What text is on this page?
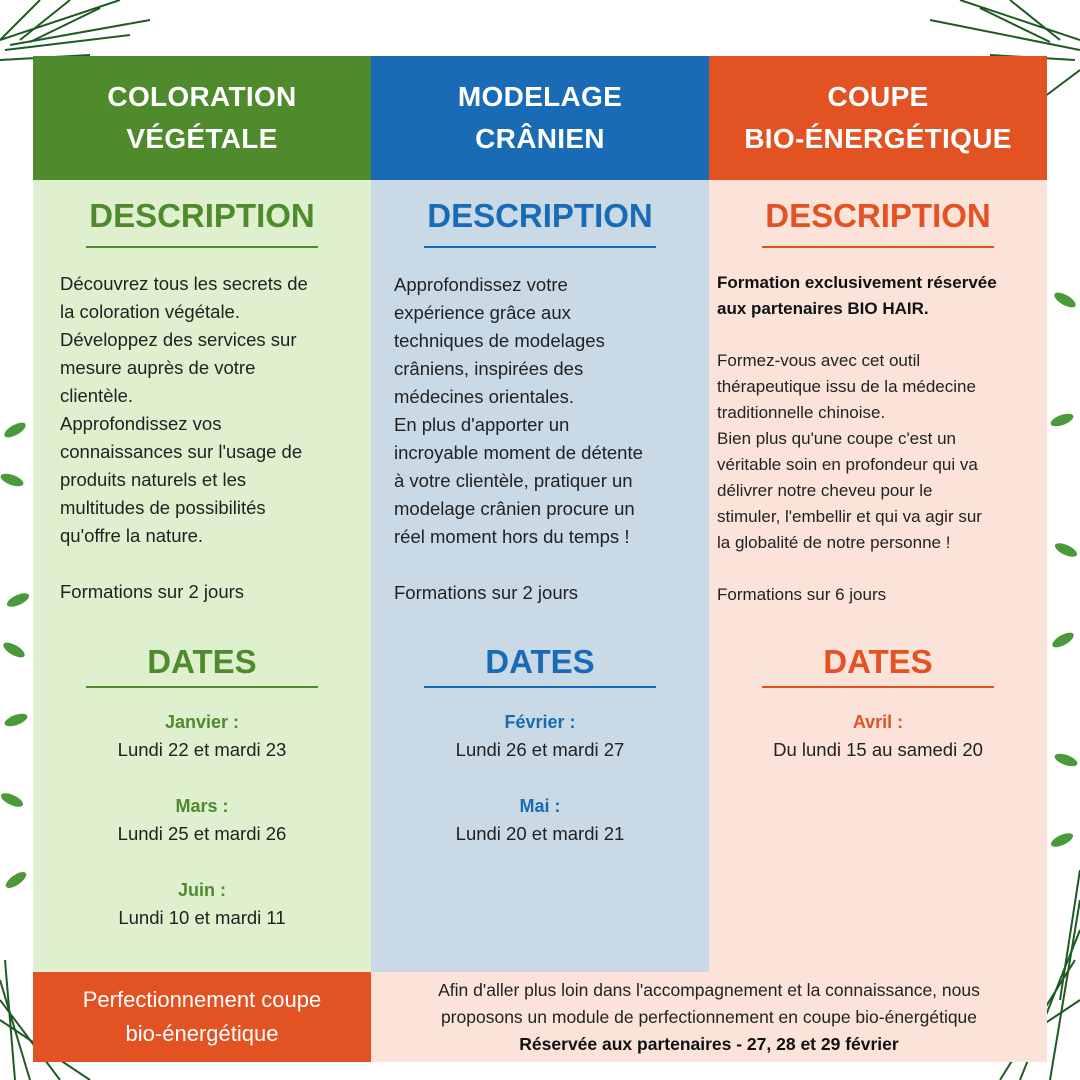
COLORATION
VÉGÉTALE
DESCRIPTION

Découvrez tous les secrets de

la coloration végétale.

Développez des services sur

mesure auprès de votre

clientèle.

Approfondissez vos

connaissances sur l'usage de

produits naturels et les

multitudes de possibilités

qu'offre la nature.

Formations sur 2 jours

DATES
Janvier :
Lundi 22 et mardi 23
Mars :
Lundi 25 et mardi 26
Juin :
Lundi 10 et mardi 11
MODELAGE
CRÂNIEN
DESCRIPTION

Approfondissez votre

expérience grâce aux

techniques de modelages

crâniens, inspirées des

médecines orientales.

En plus d'apporter un

incroyable moment de détente

à votre clientèle, pratiquer un

modelage crânien procure un

réel moment hors du temps !

Formations sur 2 jours

DATES
Février :
Lundi 26 et mardi 27
Mai :
Lundi 20 et mardi 21
COUPE
BIO-ÉNERGÉTIQUE
DESCRIPTION

Formation exclusivement réservée

aux partenaires BIO HAIR.

Formez-vous avec cet outil

thérapeutique issu de la médecine

traditionnelle chinoise.

Bien plus qu'une coupe c'est un

véritable soin en profondeur qui va

délivrer notre cheveu pour le

stimuler, l'embellir et qui va agir sur

la globalité de notre personne !

Formations sur 6 jours

DATES
Avril :
Du lundi 15 au samedi 20
Perfectionnement coupe
bio-énergétique
Afin d'aller plus loin dans l'accompagnement et la connaissance, nous
proposons un module de perfectionnement en coupe bio-énergétique
Réservée aux partenaires - 27, 28 et 29 février
